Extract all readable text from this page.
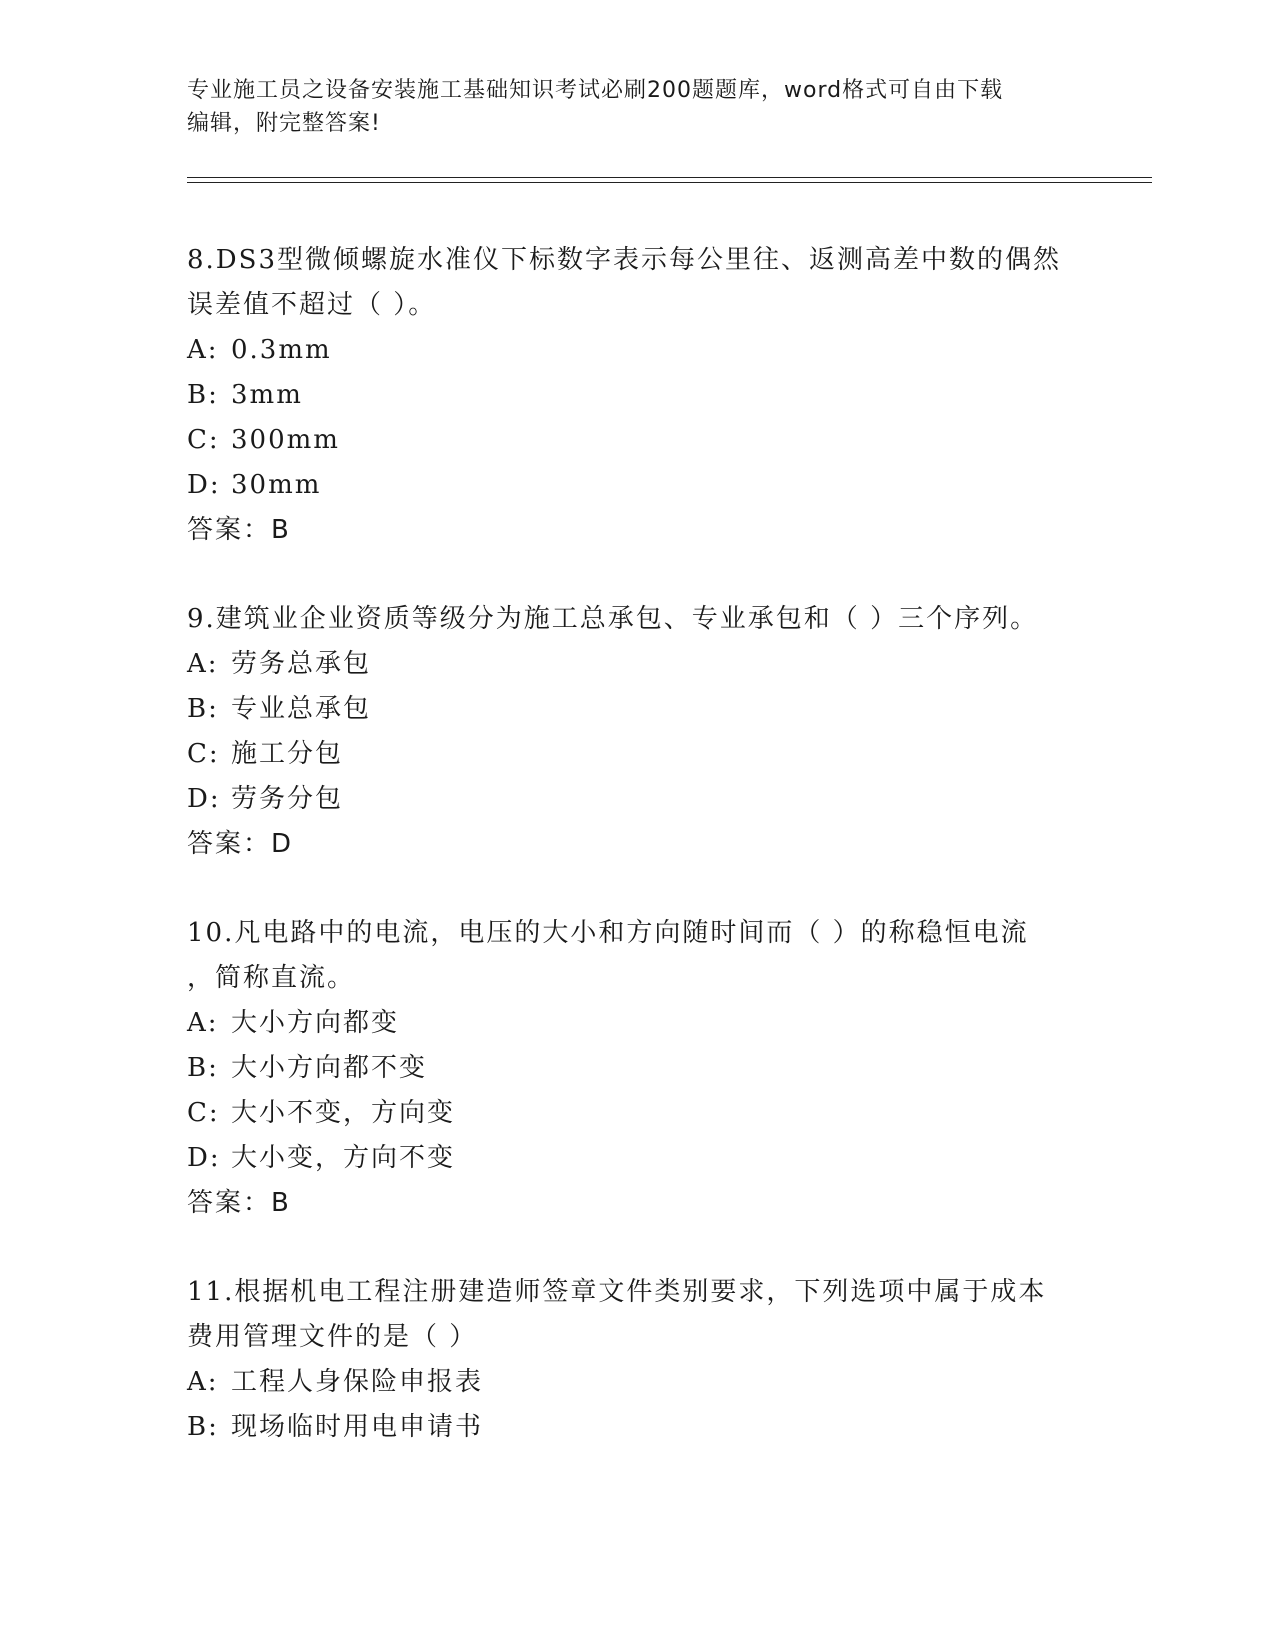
专业施工员之设备安装施工基础知识考试必刷200题题库，word格式可自由下载
编辑，附完整答案!

8.DS3型微倾螺旋水准仪下标数字表示每公里往、返测高差中数的偶然

误差值不超过（ ）。

A: 0.3mm

B: 3mm

C: 300mm

D: 30mm

答案：B

9.建筑业企业资质等级分为施工总承包、专业承包和（ ）三个序列。

A: 劳务总承包

B: 专业总承包

C: 施工分包

D: 劳务分包

答案：D

10.凡电路中的电流，电压的大小和方向随时间而（ ）的称稳恒电流

，简称直流。

A: 大小方向都变

B: 大小方向都不变

C: 大小不变，方向变

D: 大小变，方向不变

答案：B

11.根据机电工程注册建造师签章文件类别要求，下列选项中属于成本

费用管理文件的是（ ）

A: 工程人身保险申报表

B: 现场临时用电申请书
